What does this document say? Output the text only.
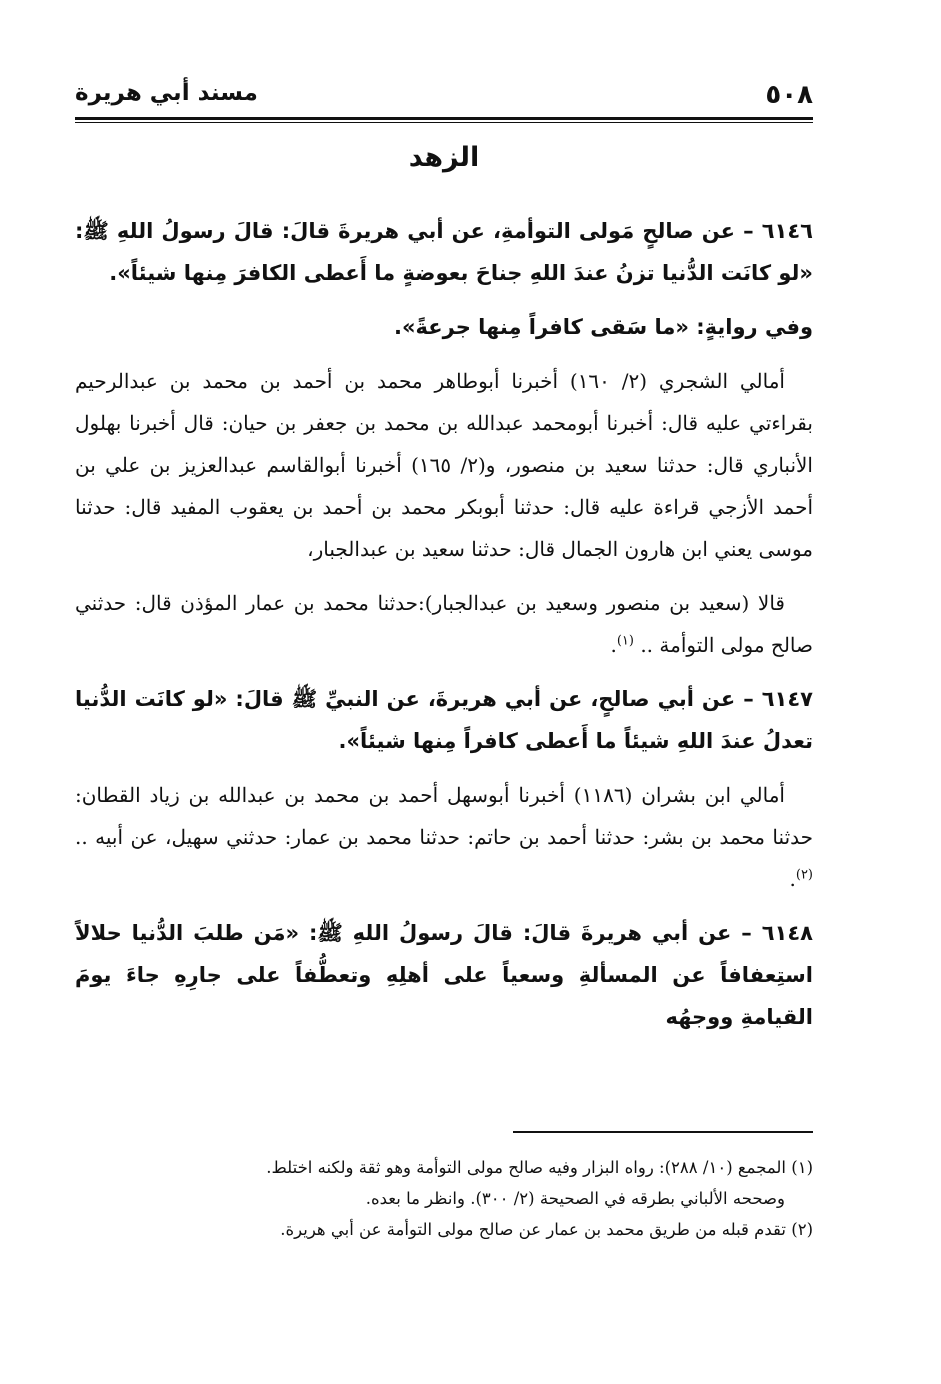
٥٠٨
مسند أبي هريرة
الزهد

٦١٤٦ – عن صالحٍ مَولى التوأمةِ، عن أبي هريرةَ قالَ: قالَ رسولُ اللهِ ﷺ: «لو كانَت الدُّنيا تزنُ عندَ اللهِ جناحَ بعوضةٍ ما أَعطى الكافرَ مِنها شيئاً».

وفي روايةٍ: «ما سَقى كافراً مِنها جرعةً».

أمالي الشجري (٢/ ١٦٠) أخبرنا أبوطاهر محمد بن أحمد بن محمد بن عبدالرحيم بقراءتي عليه قال: أخبرنا أبومحمد عبدالله بن محمد بن جعفر بن حيان: قال أخبرنا بهلول الأنباري قال: حدثنا سعيد بن منصور، و(٢/ ١٦٥) أخبرنا أبوالقاسم عبدالعزيز بن علي بن أحمد الأزجي قراءة عليه قال: حدثنا أبوبكر محمد بن أحمد بن يعقوب المفيد قال: حدثنا موسى يعني ابن هارون الجمال قال: حدثنا سعيد بن عبدالجبار،

قالا (سعيد بن منصور وسعيد بن عبدالجبار):حدثنا محمد بن عمار المؤذن قال: حدثني صالح مولى التوأمة .. $^{(١)}$.

٦١٤٧ – عن أبي صالحٍ، عن أبي هريرةَ، عن النبيِّ ﷺ قالَ: «لو كانَت الدُّنيا تعدلُ عندَ اللهِ شيئاً ما أَعطى كافراً مِنها شيئاً».

أمالي ابن بشران (١١٨٦) أخبرنا أبوسهل أحمد بن محمد بن عبدالله بن زياد القطان: حدثنا محمد بن بشر: حدثنا أحمد بن حاتم: حدثنا محمد بن عمار: حدثني سهيل، عن أبيه .. $^{(٢)}$.

٦١٤٨ – عن أبي هريرةَ قالَ: قالَ رسولُ اللهِ ﷺ: «مَن طلبَ الدُّنيا حلالاً استِعفافاً عن المسألةِ وسعياً على أهلِهِ وتعطُّفاً على جارِهِ جاءَ يومَ القيامةِ ووجهُه

(١) المجمع (١٠/ ٢٨٨): رواه البزار وفيه صالح مولى التوأمة وهو ثقة ولكنه اختلط.

وصححه الألباني بطرقه في الصحيحة (٢/ ٣٠٠). وانظر ما بعده.

(٢) تقدم قبله من طريق محمد بن عمار عن صالح مولى التوأمة عن أبي هريرة.
